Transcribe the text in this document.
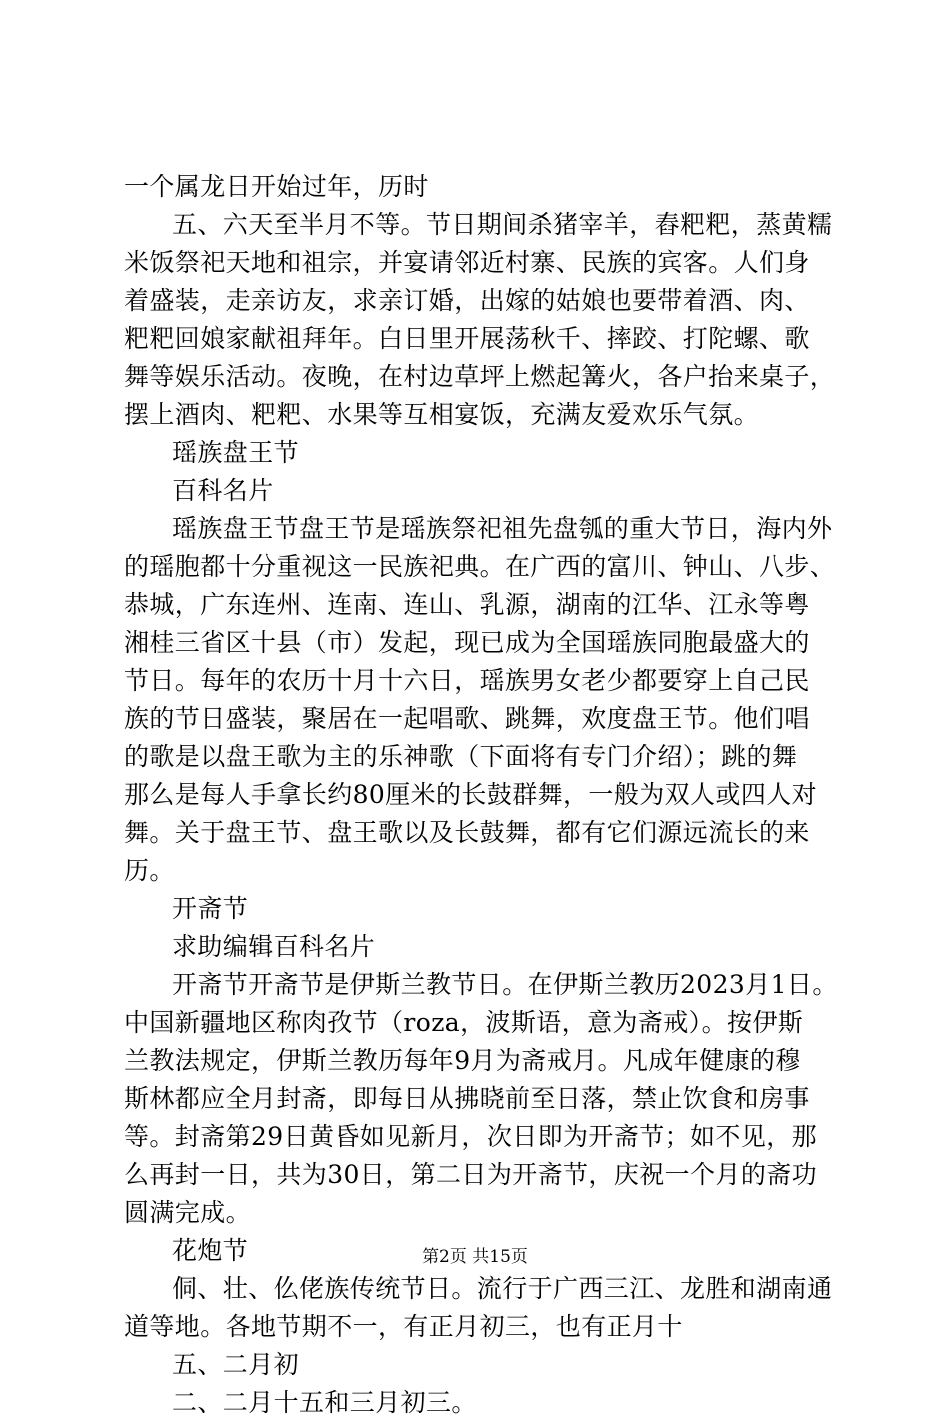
一个属龙日开始过年，历时
五、六天至半月不等。节日期间杀猪宰羊，舂粑粑，蒸黄糯
米饭祭祀天地和祖宗，并宴请邻近村寨、民族的宾客。人们身
着盛装，走亲访友，求亲订婚，出嫁的姑娘也要带着酒、肉、
粑粑回娘家献祖拜年。白日里开展荡秋千、摔跤、打陀螺、歌
舞等娱乐活动。夜晚，在村边草坪上燃起篝火，各户抬来桌子，
摆上酒肉、粑粑、水果等互相宴饭，充满友爱欢乐气氛。
瑶族盘王节
百科名片
瑶族盘王节盘王节是瑶族祭祀祖先盘瓠的重大节日，海内外
的瑶胞都十分重视这一民族祀典。在广西的富川、钟山、八步、
恭城，广东连州、连南、连山、乳源，湖南的江华、江永等粤
湘桂三省区十县（市）发起，现已成为全国瑶族同胞最盛大的
节日。每年的农历十月十六日，瑶族男女老少都要穿上自己民
族的节日盛装，聚居在一起唱歌、跳舞，欢度盘王节。他们唱
的歌是以盘王歌为主的乐神歌（下面将有专门介绍）；跳的舞
那么是每人手拿长约80厘米的长鼓群舞，一般为双人或四人对
舞。关于盘王节、盘王歌以及长鼓舞，都有它们源远流长的来
历。
开斋节
求助编辑百科名片
开斋节开斋节是伊斯兰教节日。在伊斯兰教历2023月1日。
中国新疆地区称肉孜节（roza，波斯语，意为斋戒）。按伊斯
兰教法规定，伊斯兰教历每年9月为斋戒月。凡成年健康的穆
斯林都应全月封斋，即每日从拂晓前至日落，禁止饮食和房事
等。封斋第29日黄昏如见新月，次日即为开斋节；如不见，那
么再封一日，共为30日，第二日为开斋节，庆祝一个月的斋功
圆满完成。
花炮节
侗、壮、仫佬族传统节日。流行于广西三江、龙胜和湖南通
道等地。各地节期不一，有正月初三，也有正月十
五、二月初
二、二月十五和三月初三。
第2页 共15页
